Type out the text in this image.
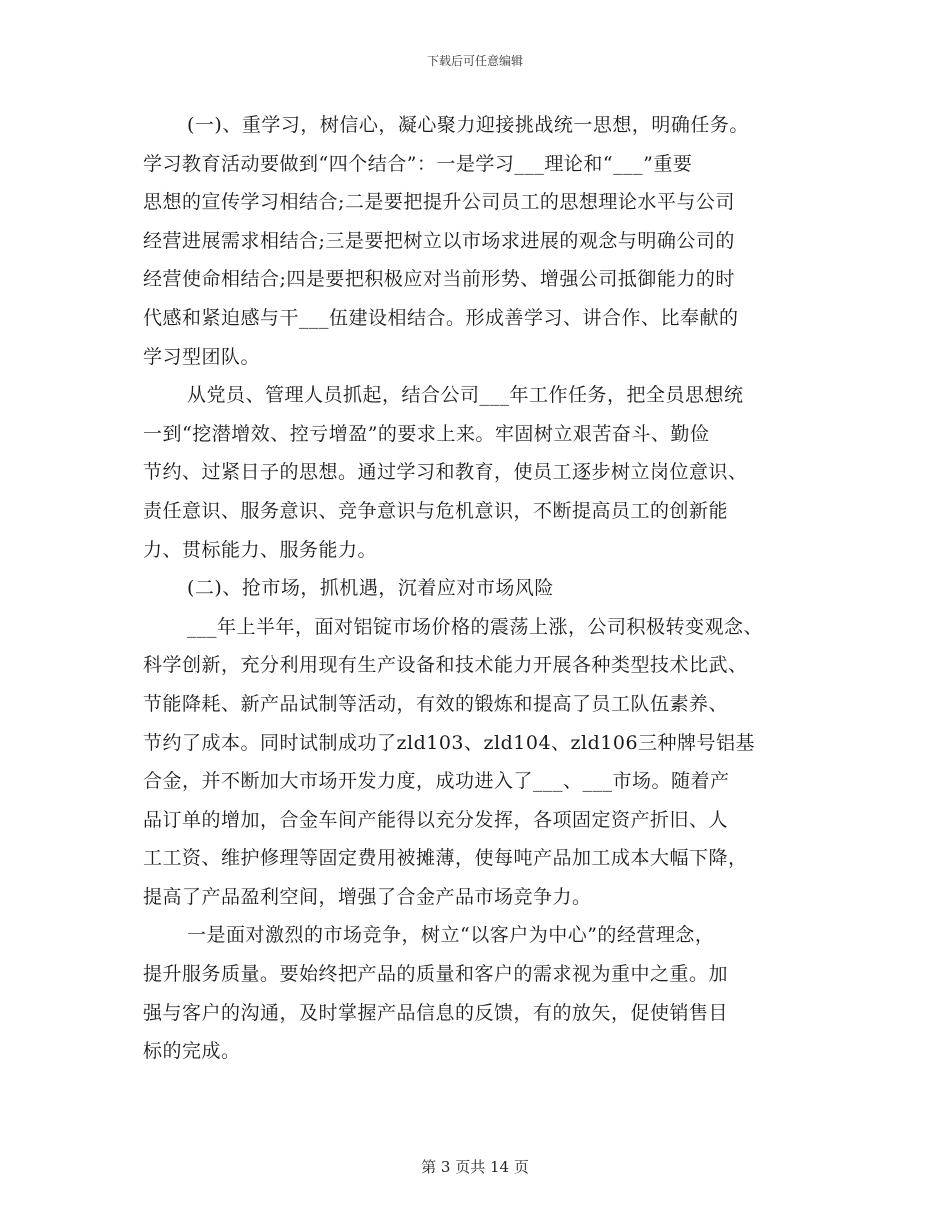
下载后可任意编辑
(一)、重学习，树信心，凝心聚力迎接挑战统一思想，明确任务。
学习教育活动要做到“四个结合”：一是学习___理论和“___”重要
思想的宣传学习相结合;二是要把提升公司员工的思想理论水平与公司
经营进展需求相结合;三是要把树立以市场求进展的观念与明确公司的
经营使命相结合;四是要把积极应对当前形势、增强公司抵御能力的时
代感和紧迫感与干___伍建设相结合。形成善学习、讲合作、比奉献的
学习型团队。
从党员、管理人员抓起，结合公司___年工作任务，把全员思想统
一到“挖潜增效、控亏增盈”的要求上来。牢固树立艰苦奋斗、勤俭
节约、过紧日子的思想。通过学习和教育，使员工逐步树立岗位意识、
责任意识、服务意识、竞争意识与危机意识，不断提高员工的创新能
力、贯标能力、服务能力。
(二)、抢市场，抓机遇，沉着应对市场风险
___年上半年，面对铝锭市场价格的震荡上涨，公司积极转变观念、
科学创新，充分利用现有生产设备和技术能力开展各种类型技术比武、
节能降耗、新产品试制等活动，有效的锻炼和提高了员工队伍素养、
节约了成本。同时试制成功了zld103、zld104、zld106三种牌号铝基
合金，并不断加大市场开发力度，成功进入了___、___市场。随着产
品订单的增加，合金车间产能得以充分发挥，各项固定资产折旧、人
工工资、维护修理等固定费用被摊薄，使每吨产品加工成本大幅下降，
提高了产品盈利空间，增强了合金产品市场竞争力。
一是面对激烈的市场竞争，树立“以客户为中心”的经营理念，
提升服务质量。要始终把产品的质量和客户的需求视为重中之重。加
强与客户的沟通，及时掌握产品信息的反馈，有的放矢，促使销售目
标的完成。
第 3 页共 14 页
